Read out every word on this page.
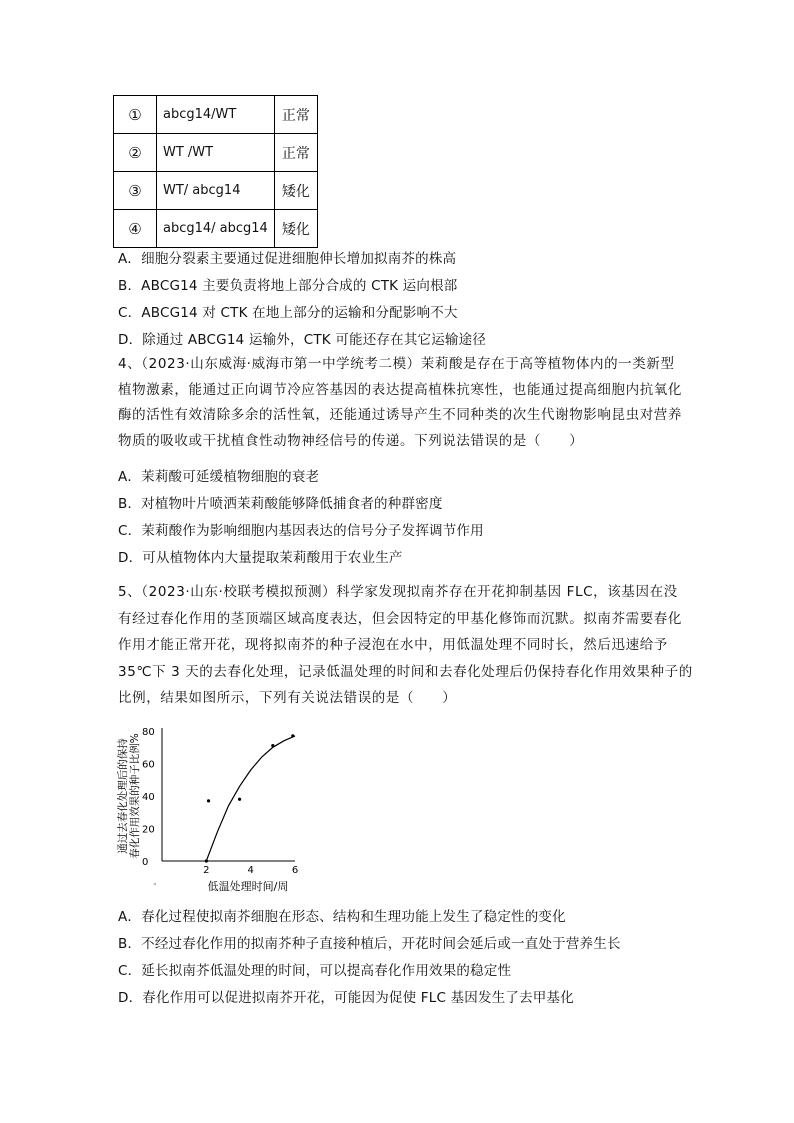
①	abcg14/WT	正常
②	WT /WT	正常
③	WT/ abcg14	矮化
④	abcg14/ abcg14	矮化
A．细胞分裂素主要通过促进细胞伸长增加拟南芥的株高
B．ABCG14 主要负责将地上部分合成的 CTK 运向根部
C．ABCG14 对 CTK 在地上部分的运输和分配影响不大
D．除通过 ABCG14 运输外，CTK 可能还存在其它运输途径
4、（2023·山东威海·威海市第一中学统考二模）茉莉酸是存在于高等植物体内的一类新型
植物激素，能通过正向调节冷应答基因的表达提高植株抗寒性，也能通过提高细胞内抗氧化
酶的活性有效清除多余的活性氧，还能通过诱导产生不同种类的次生代谢物影响昆虫对营养
物质的吸收或干扰植食性动物神经信号的传递。下列说法错误的是（　　）
A．茉莉酸可延缓植物细胞的衰老
B．对植物叶片喷洒茉莉酸能够降低捕食者的种群密度
C．茉莉酸作为影响细胞内基因表达的信号分子发挥调节作用
D．可从植物体内大量提取茉莉酸用于农业生产
5、（2023·山东·校联考模拟预测）科学家发现拟南芥存在开花抑制基因 FLC，该基因在没
有经过春化作用的茎顶端区域高度表达，但会因特定的甲基化修饰而沉默。拟南芥需要春化
作用才能正常开花，现将拟南芥的种子浸泡在水中，用低温处理不同时长，然后迅速给予
35℃下 3 天的去春化处理，记录低温处理的时间和去春化处理后仍保持春化作用效果种子的
比例，结果如图所示，下列有关说法错误的是（　　）
A．春化过程使拟南芥细胞在形态、结构和生理功能上发生了稳定性的变化
B．不经过春化作用的拟南芥种子直接种植后，开花时间会延后或一直处于营养生长
C．延长拟南芥低温处理的时间，可以提高春化作用效果的稳定性
D．春化作用可以促进拟南芥开花，可能因为促使 FLC 基因发生了去甲基化
通过去春化处理后的保持 春化作用效果的种子比例%
0
20
40
60
80
2	4	6
低温处理时间/周
"
